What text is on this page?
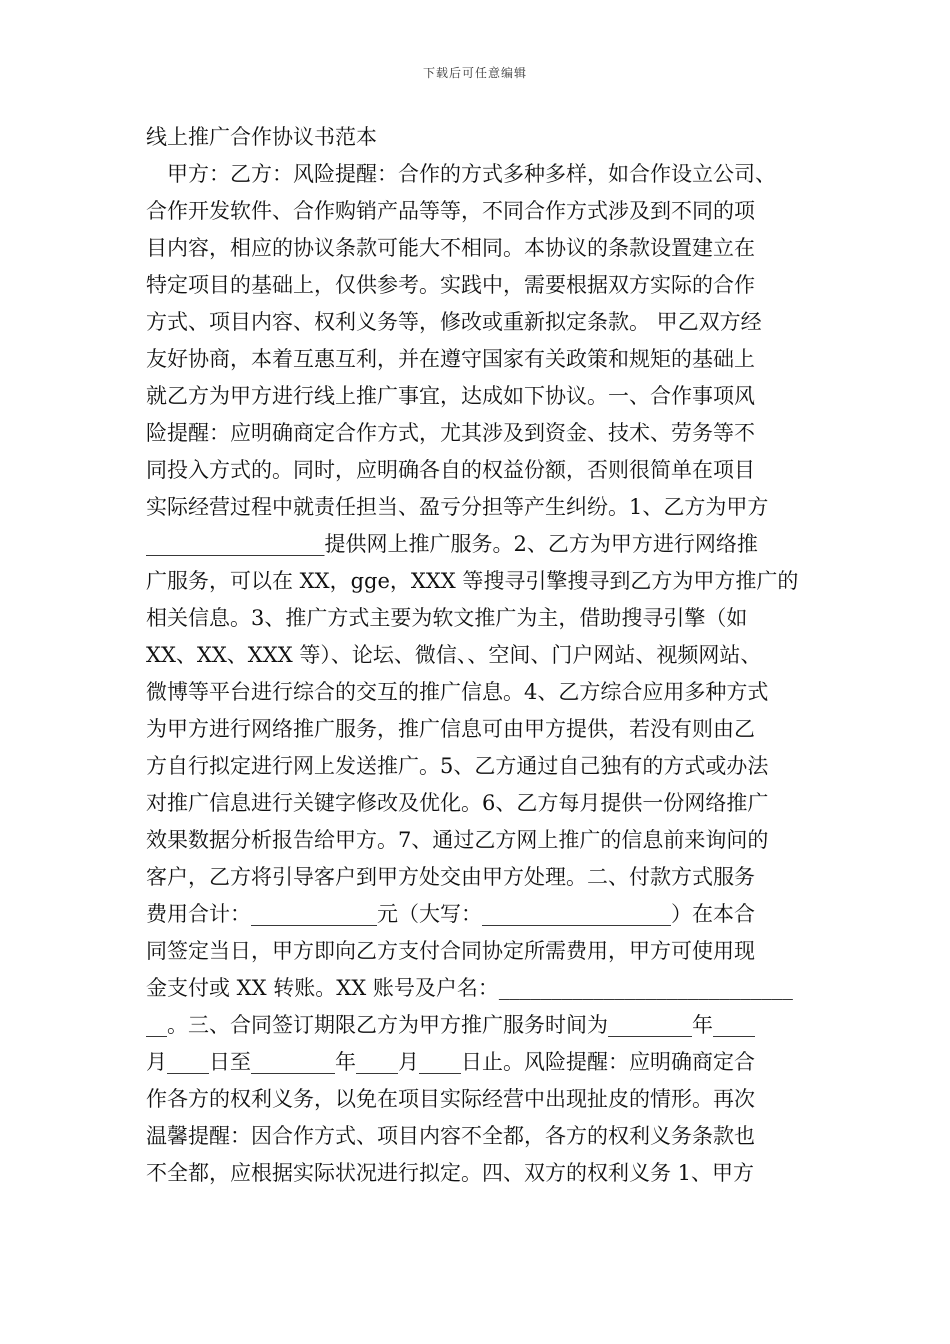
下载后可任意编辑
线上推广合作协议书范本
甲方：乙方：风险提醒：合作的方式多种多样，如合作设立公司、
合作开发软件、合作购销产品等等，不同合作方式涉及到不同的项
目内容，相应的协议条款可能大不相同。本协议的条款设置建立在
特定项目的基础上，仅供参考。实践中，需要根据双方实际的合作
方式、项目内容、权利义务等，修改或重新拟定条款。 甲乙双方经
友好协商，本着互惠互利，并在遵守国家有关政策和规矩的基础上
就乙方为甲方进行线上推广事宜，达成如下协议。一、合作事项风
险提醒：应明确商定合作方式，尤其涉及到资金、技术、劳务等不
同投入方式的。同时，应明确各自的权益份额，否则很简单在项目
实际经营过程中就责任担当、盈亏分担等产生纠纷。1、乙方为甲方
_________________提供网上推广服务。2、乙方为甲方进行网络推
广服务，可以在 XX，gge，XXX 等搜寻引擎搜寻到乙方为甲方推广的
相关信息。3、推广方式主要为软文推广为主，借助搜寻引擎（如
XX、XX、XXX 等）、论坛、微信、、空间、门户网站、视频网站、
微博等平台进行综合的交互的推广信息。4、乙方综合应用多种方式
为甲方进行网络推广服务，推广信息可由甲方提供，若没有则由乙
方自行拟定进行网上发送推广。5、乙方通过自己独有的方式或办法
对推广信息进行关键字修改及优化。6、乙方每月提供一份网络推广
效果数据分析报告给甲方。7、通过乙方网上推广的信息前来询问的
客户，乙方将引导客户到甲方处交由甲方处理。二、付款方式服务
费用合计：____________元（大写：__________________）在本合
同签定当日，甲方即向乙方支付合同协定所需费用，甲方可使用现
金支付或 XX 转账。XX 账号及户名：____________________________
__。三、合同签订期限乙方为甲方推广服务时间为________年____
月____日至________年____月____日止。风险提醒：应明确商定合
作各方的权利义务，以免在项目实际经营中出现扯皮的情形。再次
温馨提醒：因合作方式、项目内容不全都，各方的权利义务条款也
不全都，应根据实际状况进行拟定。四、双方的权利义务 1、甲方
